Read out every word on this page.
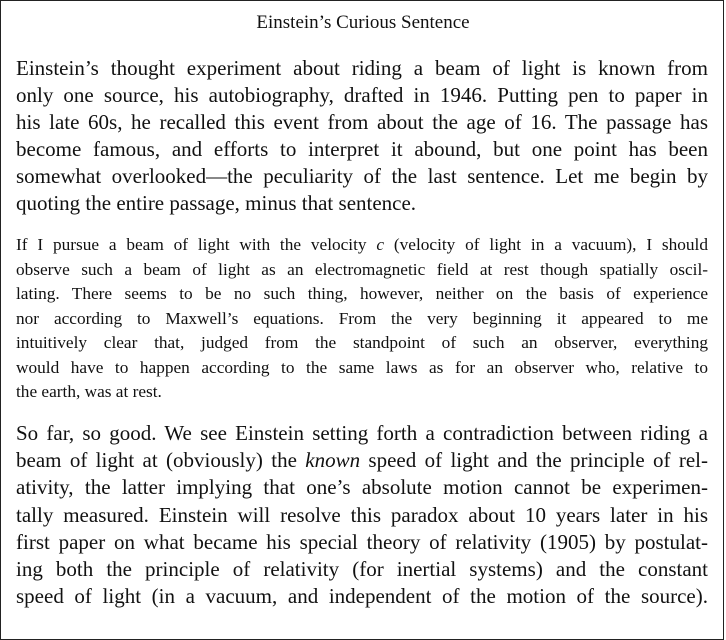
Einstein’s Curious Sentence
Einstein’s thought experiment about riding a beam of light is known from
only one source, his autobiography, drafted in 1946. Putting pen to paper in
his late 60s, he recalled this event from about the age of 16. The passage has
become famous, and efforts to interpret it abound, but one point has been
somewhat overlooked—the peculiarity of the last sentence. Let me begin by
quoting the entire passage, minus that sentence.
If I pursue a beam of light with the velocity c (velocity of light in a vacuum), I should
observe such a beam of light as an electromagnetic field at rest though spatially oscil-
lating. There seems to be no such thing, however, neither on the basis of experience
nor according to Maxwell’s equations. From the very beginning it appeared to me
intuitively clear that, judged from the standpoint of such an observer, everything
would have to happen according to the same laws as for an observer who, relative to
the earth, was at rest.
So far, so good. We see Einstein setting forth a contradiction between riding a
beam of light at (obviously) the known speed of light and the principle of rel-
ativity, the latter implying that one’s absolute motion cannot be experimen-
tally measured. Einstein will resolve this paradox about 10 years later in his
first paper on what became his special theory of relativity (1905) by postulat-
ing both the principle of relativity (for inertial systems) and the constant
speed of light (in a vacuum, and independent of the motion of the source).
